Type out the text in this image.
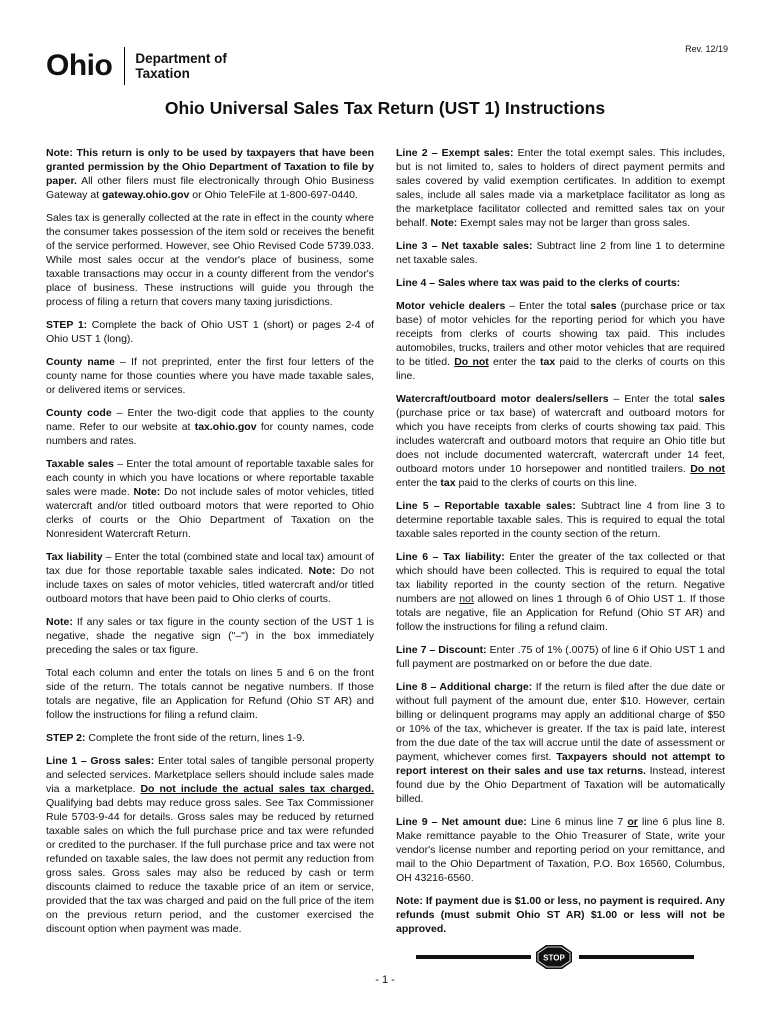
Ohio Department of
Taxation
Rev. 12/19
Ohio Universal Sales Tax Return (UST 1) Instructions

Note: This return is only to be used by taxpayers that have been granted permission by the Ohio Department of Taxation to file by paper. All other filers must file electronically through Ohio Business Gateway at gateway.ohio.gov or Ohio TeleFile at 1-800-697-0440.

Sales tax is generally collected at the rate in effect in the county where the consumer takes possession of the item sold or receives the benefit of the service performed. However, see Ohio Revised Code 5739.033. While most sales occur at the vendor's place of business, some taxable transactions may occur in a county different from the vendor's place of business. These instructions will guide you through the process of filing a return that covers many taxing jurisdictions.

STEP 1: Complete the back of Ohio UST 1 (short) or pages 2-4 of Ohio UST 1 (long).

County name – If not preprinted, enter the first four letters of the county name for those counties where you have made taxable sales, or delivered items or services.

County code – Enter the two-digit code that applies to the county name. Refer to our website at tax.ohio.gov for county names, code numbers and rates.

Taxable sales – Enter the total amount of reportable taxable sales for each county in which you have locations or where reportable taxable sales were made. Note: Do not include sales of motor vehicles, titled watercraft and/or titled outboard motors that were reported to Ohio clerks of courts or the Ohio Department of Taxation on the Nonresident Watercraft Return.

Tax liability – Enter the total (combined state and local tax) amount of tax due for those reportable taxable sales indicated. Note: Do not include taxes on sales of motor vehicles, titled watercraft and/or titled outboard motors that have been paid to Ohio clerks of courts.

Note: If any sales or tax figure in the county section of the UST 1 is negative, shade the negative sign ("–") in the box immediately preceding the sales or tax figure.

Total each column and enter the totals on lines 5 and 6 on the front side of the return. The totals cannot be negative numbers. If those totals are negative, file an Application for Refund (Ohio ST AR) and follow the instructions for filing a refund claim.

STEP 2: Complete the front side of the return, lines 1-9.

Line 1 – Gross sales: Enter total sales of tangible personal property and selected services. Marketplace sellers should include sales made via a marketplace. Do not include the actual sales tax charged. Qualifying bad debts may reduce gross sales. See Tax Commissioner Rule 5703-9-44 for details. Gross sales may be reduced by returned taxable sales on which the full purchase price and tax were refunded or credited to the purchaser. If the full purchase price and tax were not refunded on taxable sales, the law does not permit any reduction from gross sales. Gross sales may also be reduced by cash or term discounts claimed to reduce the taxable price of an item or service, provided that the tax was charged and paid on the full price of the item on the previous return period, and the customer exercised the discount option when payment was made.

Line 2 – Exempt sales: Enter the total exempt sales. This includes, but is not limited to, sales to holders of direct payment permits and sales covered by valid exemption certificates. In addition to exempt sales, include all sales made via a marketplace facilitator as long as the marketplace facilitator collected and remitted sales tax on your behalf. Note: Exempt sales may not be larger than gross sales.

Line 3 – Net taxable sales: Subtract line 2 from line 1 to determine net taxable sales.

Line 4 – Sales where tax was paid to the clerks of courts:

Motor vehicle dealers – Enter the total sales (purchase price or tax base) of motor vehicles for the reporting period for which you have receipts from clerks of courts showing tax paid. This includes automobiles, trucks, trailers and other motor vehicles that are required to be titled. Do not enter the tax paid to the clerks of courts on this line.

Watercraft/outboard motor dealers/sellers – Enter the total sales (purchase price or tax base) of watercraft and outboard motors for which you have receipts from clerks of courts showing tax paid. This includes watercraft and outboard motors that require an Ohio title but does not include documented watercraft, watercraft under 14 feet, outboard motors under 10 horsepower and nontitled trailers. Do not enter the tax paid to the clerks of courts on this line.

Line 5 – Reportable taxable sales: Subtract line 4 from line 3 to determine reportable taxable sales. This is required to equal the total taxable sales reported in the county section of the return.

Line 6 – Tax liability: Enter the greater of the tax collected or that which should have been collected. This is required to equal the total tax liability reported in the county section of the return. Negative numbers are not allowed on lines 1 through 6 of Ohio UST 1. If those totals are negative, file an Application for Refund (Ohio ST AR) and follow the instructions for filing a refund claim.

Line 7 – Discount: Enter .75 of 1% (.0075) of line 6 if Ohio UST 1 and full payment are postmarked on or before the due date.

Line 8 – Additional charge: If the return is filed after the due date or without full payment of the amount due, enter $10. However, certain billing or delinquent programs may apply an additional charge of $50 or 10% of the tax, whichever is greater. If the tax is paid late, interest from the due date of the tax will accrue until the date of assessment or payment, whichever comes first. Taxpayers should not attempt to report interest on their sales and use tax returns. Instead, interest found due by the Ohio Department of Taxation will be automatically billed.

Line 9 – Net amount due: Line 6 minus line 7 or line 6 plus line 8. Make remittance payable to the Ohio Treasurer of State, write your vendor's license number and reporting period on your remittance, and mail to the Ohio Department of Taxation, P.O. Box 16560, Columbus, OH 43216-6560.

Note: If payment due is $1.00 or less, no payment is required. Any refunds (must submit Ohio ST AR) $1.00 or less will not be approved.

STOP
- 1 -
